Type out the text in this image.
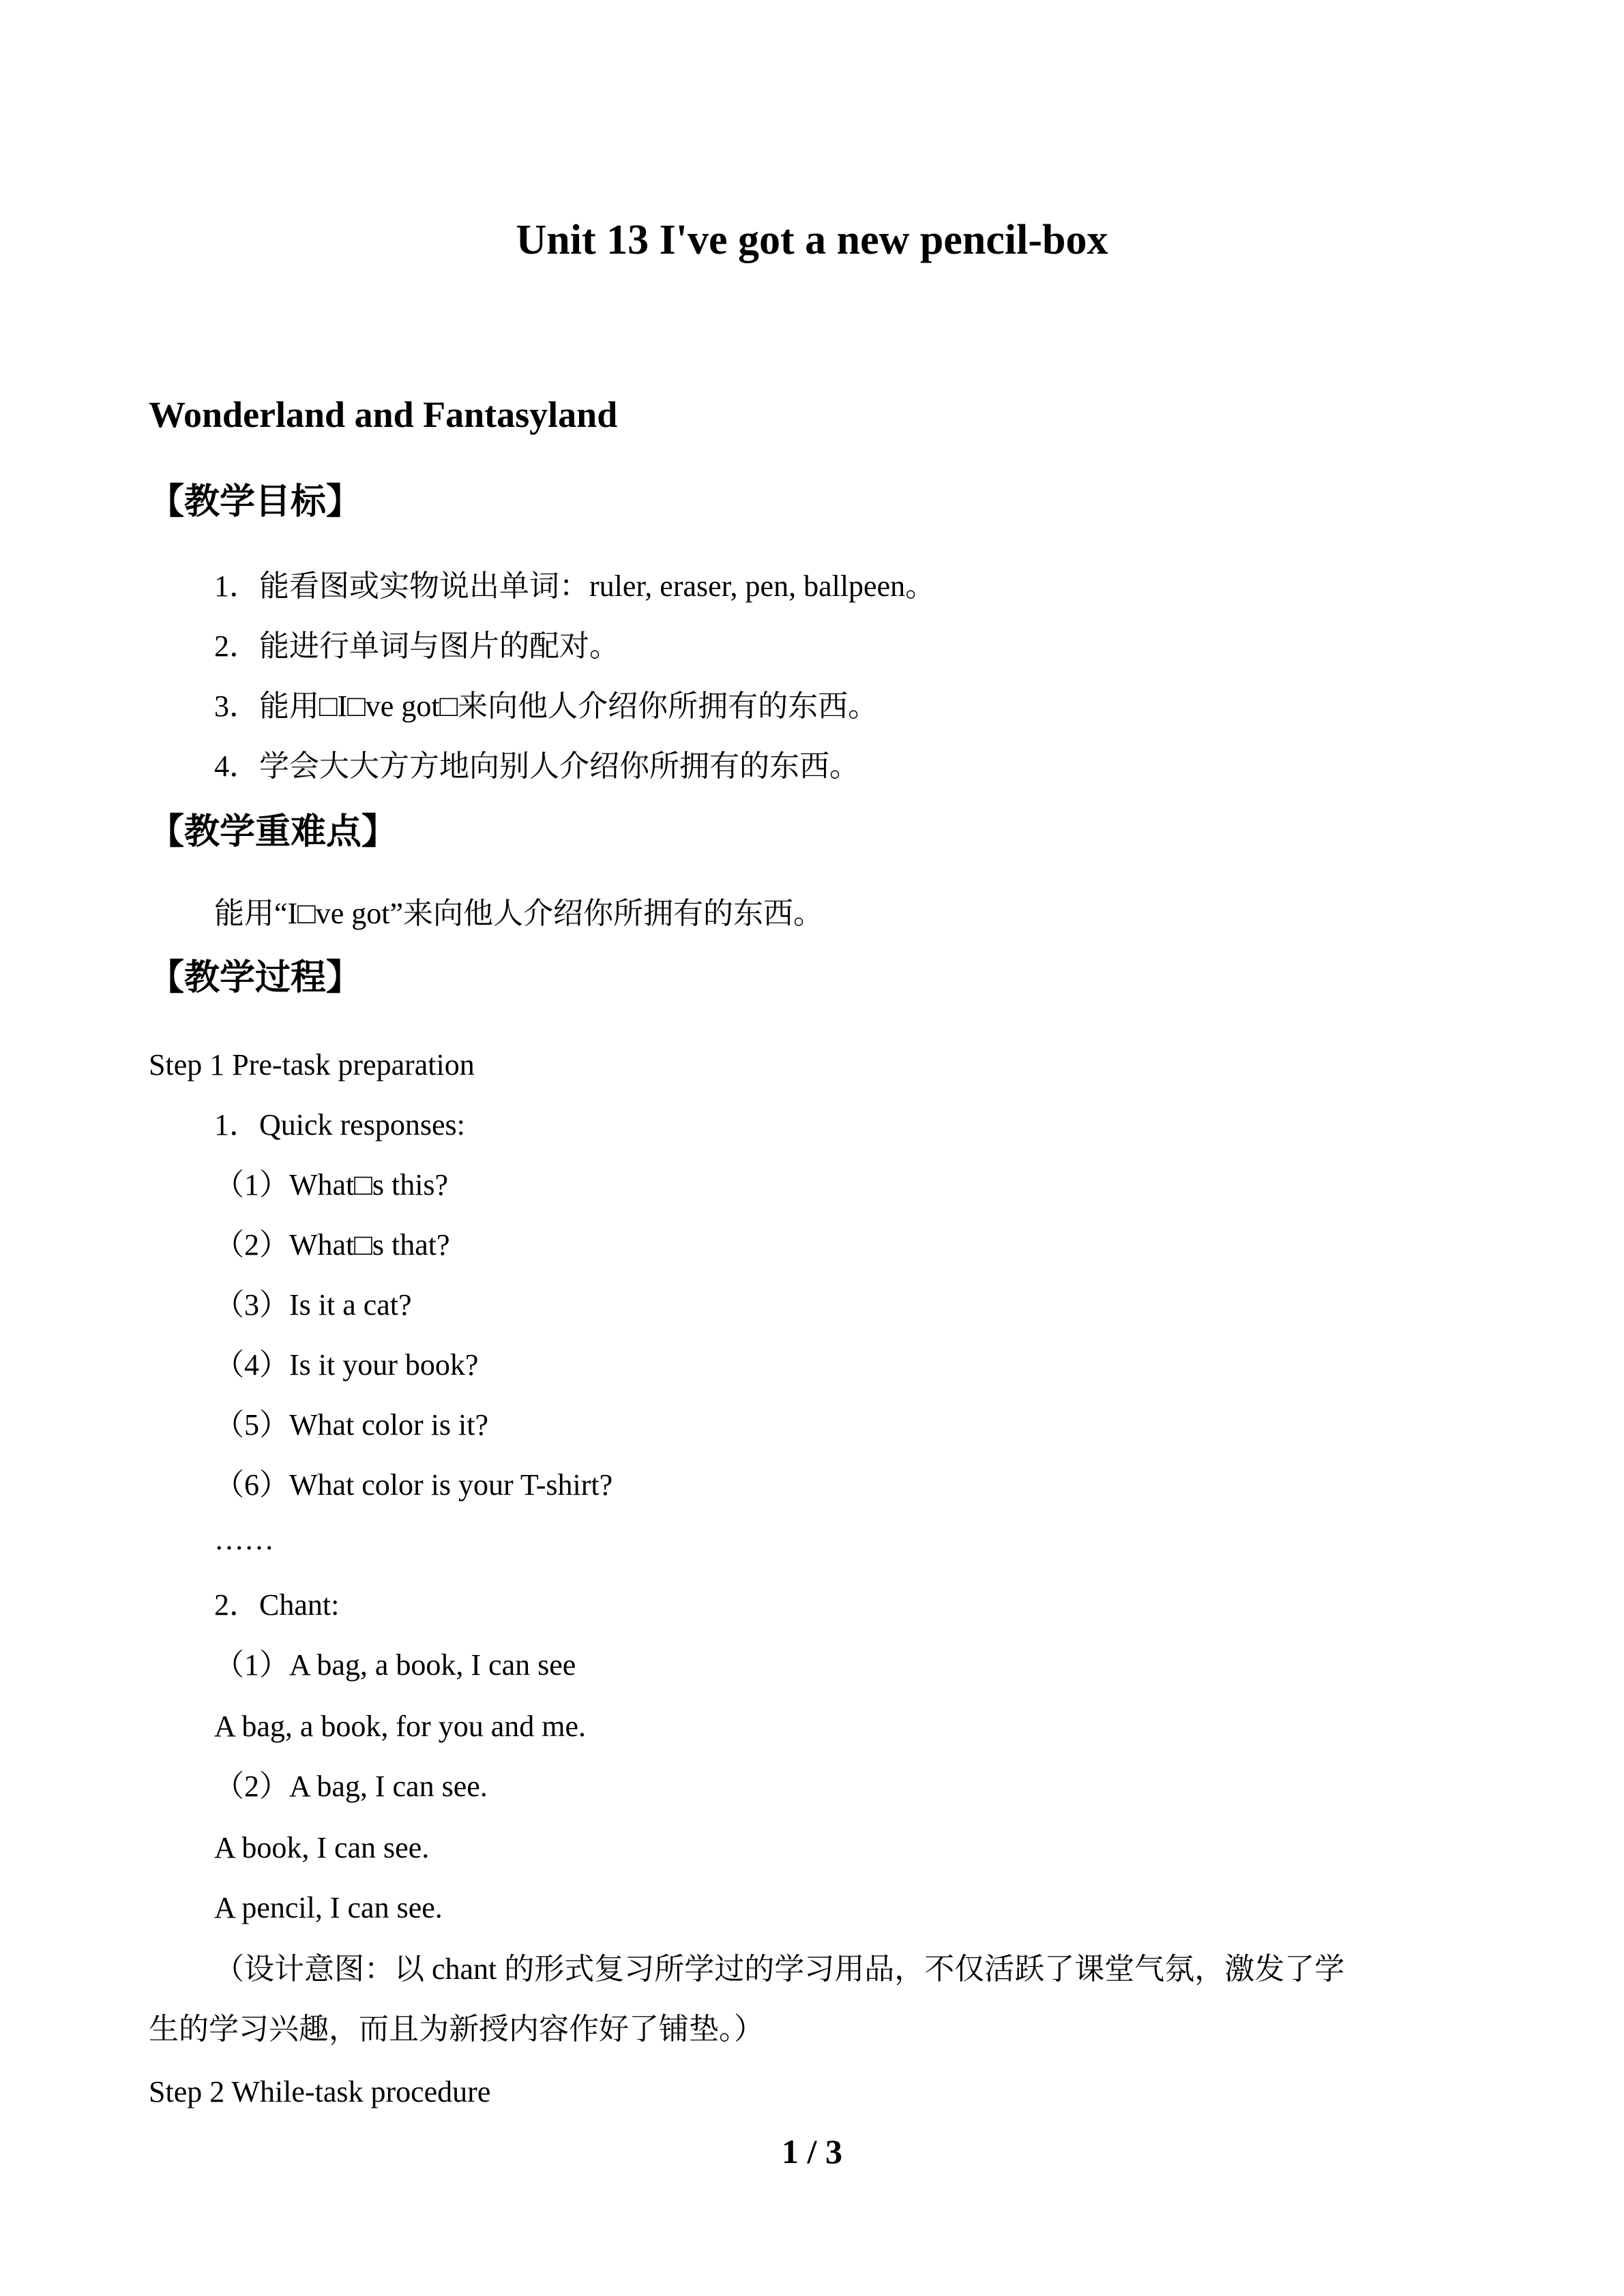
Unit 13 I've got a new pencil-box
Wonderland and Fantasyland
【教学目标】
1．能看图或实物说出单词：ruler, eraser, pen, ballpeen。
2．能进行单词与图片的配对。
3．能用□I□ve got□来向他人介绍你所拥有的东西。
4．学会大大方方地向别人介绍你所拥有的东西。
【教学重难点】
能用“I□ve got”来向他人介绍你所拥有的东西。
【教学过程】
Step 1 Pre-task preparation
1．Quick responses:
（1）What□s this?
（2）What□s that?
（3）Is it a cat?
（4）Is it your book?
（5）What color is it?
（6）What color is your T-shirt?
……
2．Chant:
（1）A bag, a book, I can see
A bag, a book, for you and me.
（2）A bag, I can see.
A book, I can see.
A pencil, I can see.
（设计意图：以 chant 的形式复习所学过的学习用品，不仅活跃了课堂气氛，激发了学
生的学习兴趣，而且为新授内容作好了铺垫。）
Step 2 While-task procedure
1 / 3
